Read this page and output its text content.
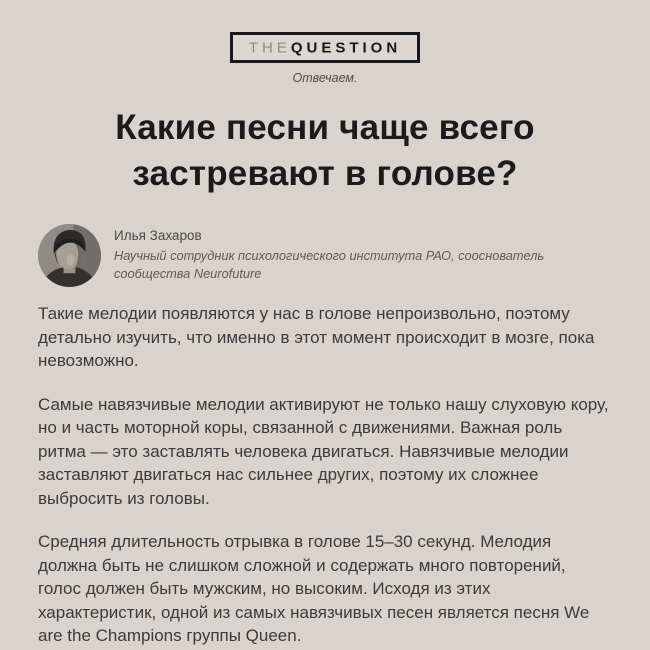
THEQUESTION
Отвечаем.
Какие песни чаще всего застревают в голове?
Илья Захаров
Научный сотрудник психологического института РАО, сооснователь сообщества Neurofuture

Такие мелодии появляются у нас в голове непроизвольно, поэтому детально изучить, что именно в этот момент происходит в мозге, пока невозможно.

Самые навязчивые мелодии активируют не только нашу слуховую кору, но и часть моторной коры, связанной с движениями. Важная роль ритма — это заставлять человека двигаться. Навязчивые мелодии заставляют двигаться нас сильнее других, поэтому их сложнее выбросить из головы.

Средняя длительность отрывка в голове 15–30 секунд. Мелодия должна быть не слишком сложной и содержать много повторений, голос должен быть мужским, но высоким. Исходя из этих характеристик, одной из самых навязчивых песен является песня We are the Champions группы Queen.
